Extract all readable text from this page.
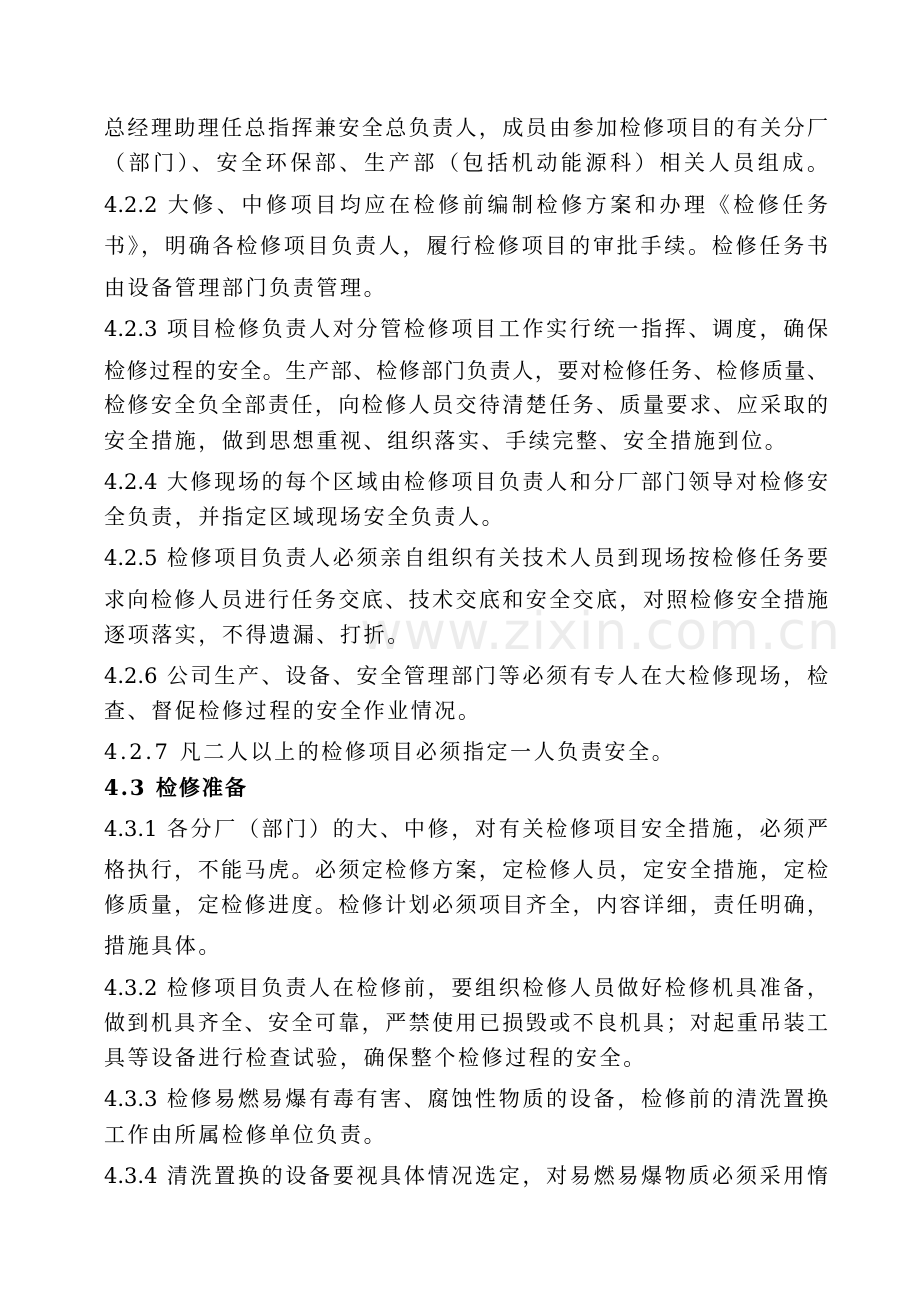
总经理助理任总指挥兼安全总负责人，成员由参加检修项目的有关分厂
（部门）、安全环保部、生产部（包括机动能源科）相关人员组成。
4.2.2 大修、中修项目均应在检修前编制检修方案和办理《检修任务
书》，明确各检修项目负责人，履行检修项目的审批手续。检修任务书
由设备管理部门负责管理。
4.2.3 项目检修负责人对分管检修项目工作实行统一指挥、调度，确保
检修过程的安全。生产部、检修部门负责人，要对检修任务、检修质量、
检修安全负全部责任，向检修人员交待清楚任务、质量要求、应采取的
安全措施，做到思想重视、组织落实、手续完整、安全措施到位。
4.2.4 大修现场的每个区域由检修项目负责人和分厂部门领导对检修安
全负责，并指定区域现场安全负责人。
4.2.5 检修项目负责人必须亲自组织有关技术人员到现场按检修任务要
求向检修人员进行任务交底、技术交底和安全交底，对照检修安全措施
逐项落实，不得遗漏、打折。
4.2.6 公司生产、设备、安全管理部门等必须有专人在大检修现场，检
查、督促检修过程的安全作业情况。
4.2.7 凡二人以上的检修项目必须指定一人负责安全。
4.3 检修准备
4.3.1 各分厂（部门）的大、中修，对有关检修项目安全措施，必须严
格执行，不能马虎。必须定检修方案，定检修人员，定安全措施，定检
修质量，定检修进度。检修计划必须项目齐全，内容详细，责任明确，
措施具体。
4.3.2 检修项目负责人在检修前，要组织检修人员做好检修机具准备，
做到机具齐全、安全可靠，严禁使用已损毁或不良机具；对起重吊装工
具等设备进行检查试验，确保整个检修过程的安全。
4.3.3 检修易燃易爆有毒有害、腐蚀性物质的设备，检修前的清洗置换
工作由所属检修单位负责。
4.3.4 清洗置换的设备要视具体情况选定，对易燃易爆物质必须采用惰
www.zixin.com.cn
